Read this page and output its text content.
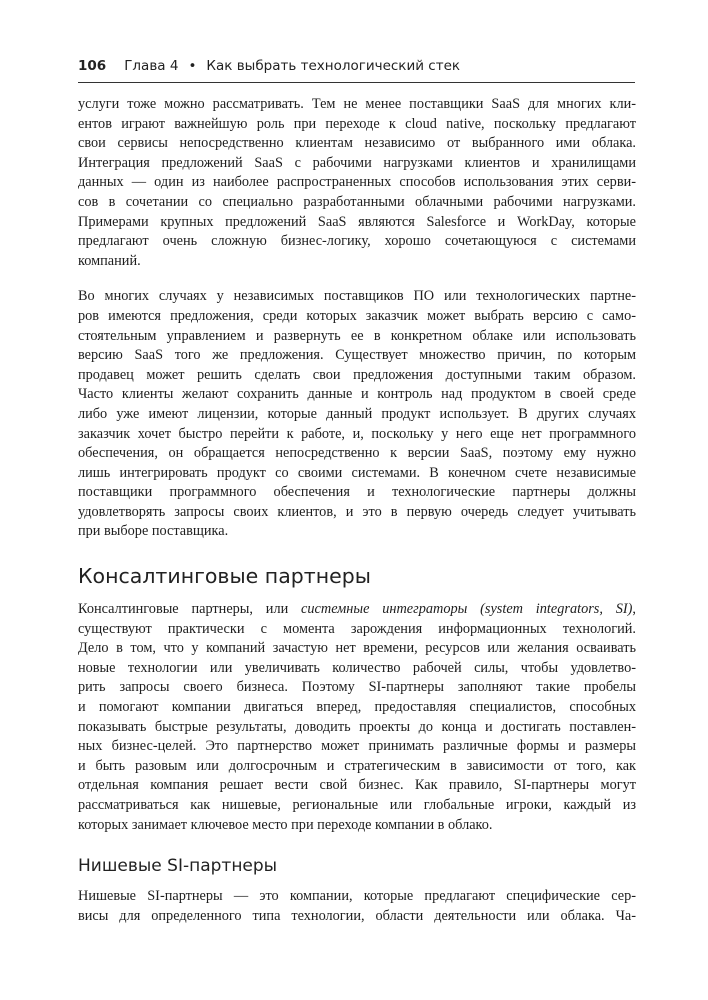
106 Глава 4 • Как выбрать технологический стек
услуги тоже можно рассматривать. Тем не менее поставщики SaaS для многих кли-
ентов играют важнейшую роль при переходе к cloud native, поскольку предлагают
свои сервисы непосредственно клиентам независимо от выбранного ими облака.
Интеграция предложений SaaS с рабочими нагрузками клиентов и хранилищами
данных — один из наиболее распространенных способов использования этих серви-
сов в сочетании со специально разработанными облачными рабочими нагрузками.
Примерами крупных предложений SaaS являются Salesforce и WorkDay, которые
предлагают очень сложную бизнес-логику, хорошо сочетающуюся с системами
компаний.
Во многих случаях у независимых поставщиков ПО или технологических партне-
ров имеются предложения, среди которых заказчик может выбрать версию с само-
стоятельным управлением и развернуть ее в конкретном облаке или использовать
версию SaaS того же предложения. Существует множество причин, по которым
продавец может решить сделать свои предложения доступными таким образом.
Часто клиенты желают сохранить данные и контроль над продуктом в своей среде
либо уже имеют лицензии, которые данный продукт использует. В других случаях
заказчик хочет быстро перейти к работе, и, поскольку у него еще нет программного
обеспечения, он обращается непосредственно к версии SaaS, поэтому ему нужно
лишь интегрировать продукт со своими системами. В конечном счете независимые
поставщики программного обеспечения и технологические партнеры должны
удовлетворять запросы своих клиентов, и это в первую очередь следует учитывать
при выборе поставщика.
Консалтинговые партнеры
Консалтинговые партнеры, или системные интеграторы (system integrators, SI),
существуют практически с момента зарождения информационных технологий.
Дело в том, что у компаний зачастую нет времени, ресурсов или желания осваивать
новые технологии или увеличивать количество рабочей силы, чтобы удовлетво-
рить запросы своего бизнеса. Поэтому SI-партнеры заполняют такие пробелы
и помогают компании двигаться вперед, предоставляя специалистов, способных
показывать быстрые результаты, доводить проекты до конца и достигать поставлен-
ных бизнес-целей. Это партнерство может принимать различные формы и размеры
и быть разовым или долгосрочным и стратегическим в зависимости от того, как
отдельная компания решает вести свой бизнес. Как правило, SI-партнеры могут
рассматриваться как нишевые, региональные или глобальные игроки, каждый из
которых занимает ключевое место при переходе компании в облако.
Нишевые SI-партнеры
Нишевые SI-партнеры — это компании, которые предлагают специфические сер-
висы для определенного типа технологии, области деятельности или облака. Ча-
